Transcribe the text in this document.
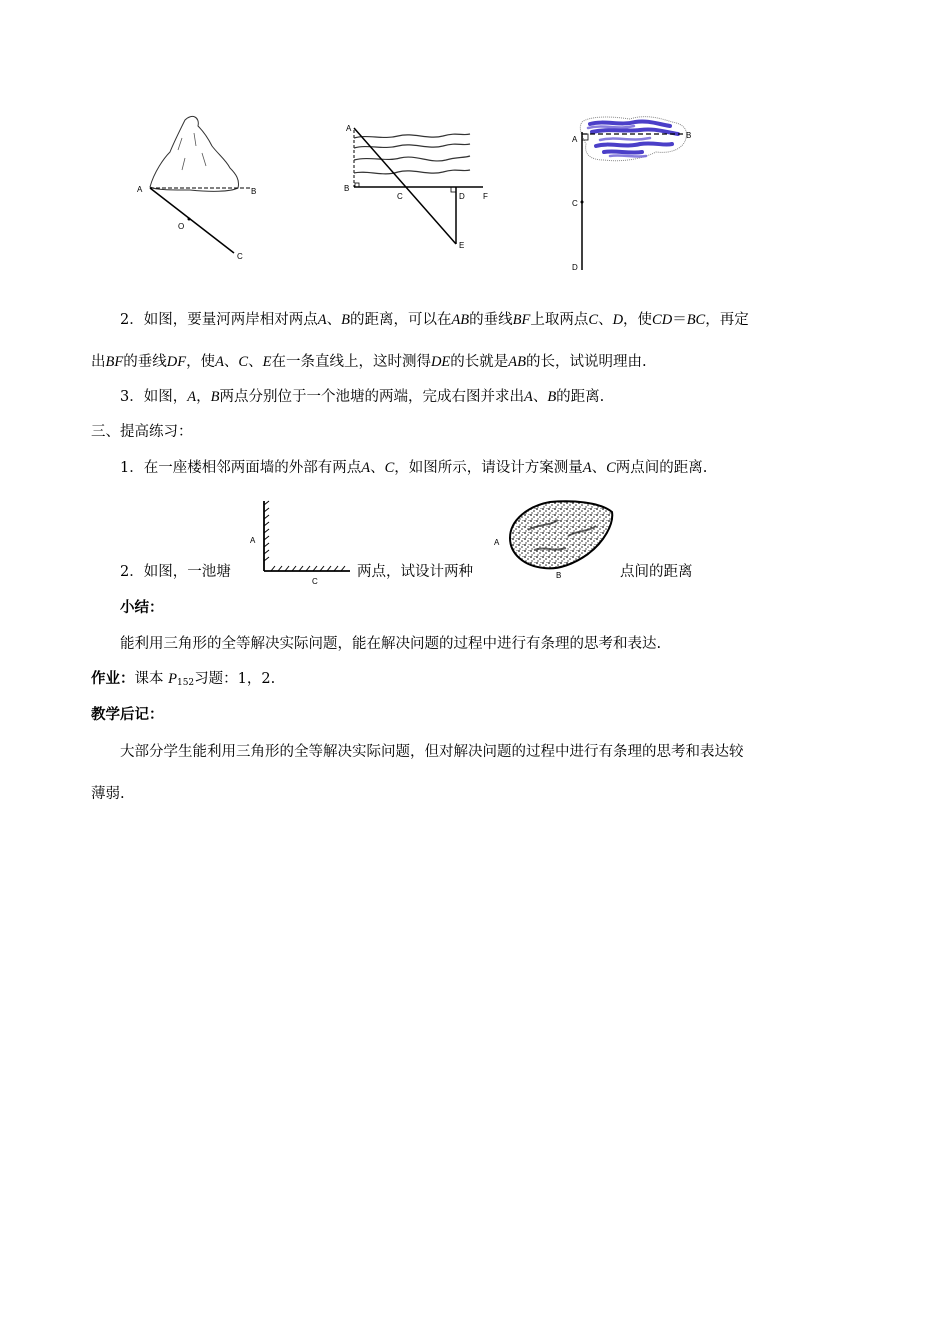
A	B
O
C
A
B
C	D
E
F
A	B
C
D
2．如图，要量河两岸相对两点A、B的距离，可以在AB的垂线BF上取两点C、D，使CD＝BC，再定
出BF的垂线DF，使A、C、E在一条直线上，这时测得DE的长就是AB的长，试说明理由.
3．如图，A，B两点分别位于一个池塘的两端，完成右图并求出A、B的距离.
三、提高练习：
1．在一座楼相邻两面墙的外部有两点A、C，如图所示，请设计方案测量A、C两点间的距离.
A
C
A
B
2．如图，一池塘	两点，试设计两种	点间的距离
小结：
能利用三角形的全等解决实际问题，能在解决问题的过程中进行有条理的思考和表达.
作业：课本 $P_{152}$习题：1，2.
教学后记：
大部分学生能利用三角形的全等解决实际问题，但对解决问题的过程中进行有条理的思考和表达较
薄弱.
